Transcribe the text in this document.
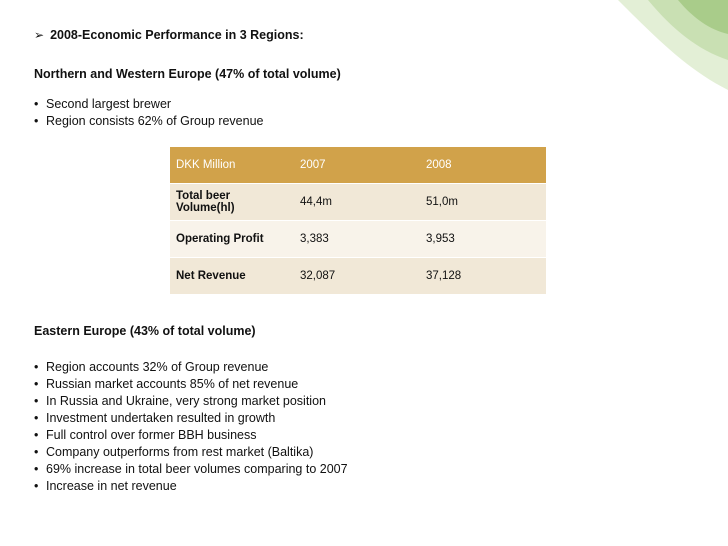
➢ 2008-Economic Performance in 3 Regions:
Northern and Western Europe (47% of total volume)
• Second largest brewer
• Region consists 62% of Group revenue
DKK Million	2007	2008
Total beer Volume(hl)	44,4m	51,0m
Operating Profit	3,383	3,953
Net Revenue	32,087	37,128
Eastern Europe (43% of total volume)
• Region accounts 32% of Group revenue
• Russian market accounts 85% of net revenue
• In Russia and Ukraine, very strong market position
• Investment undertaken resulted in growth
• Full control over former BBH business
• Company outperforms from rest market (Baltika)
• 69% increase in total beer volumes comparing to 2007
• Increase in net revenue
